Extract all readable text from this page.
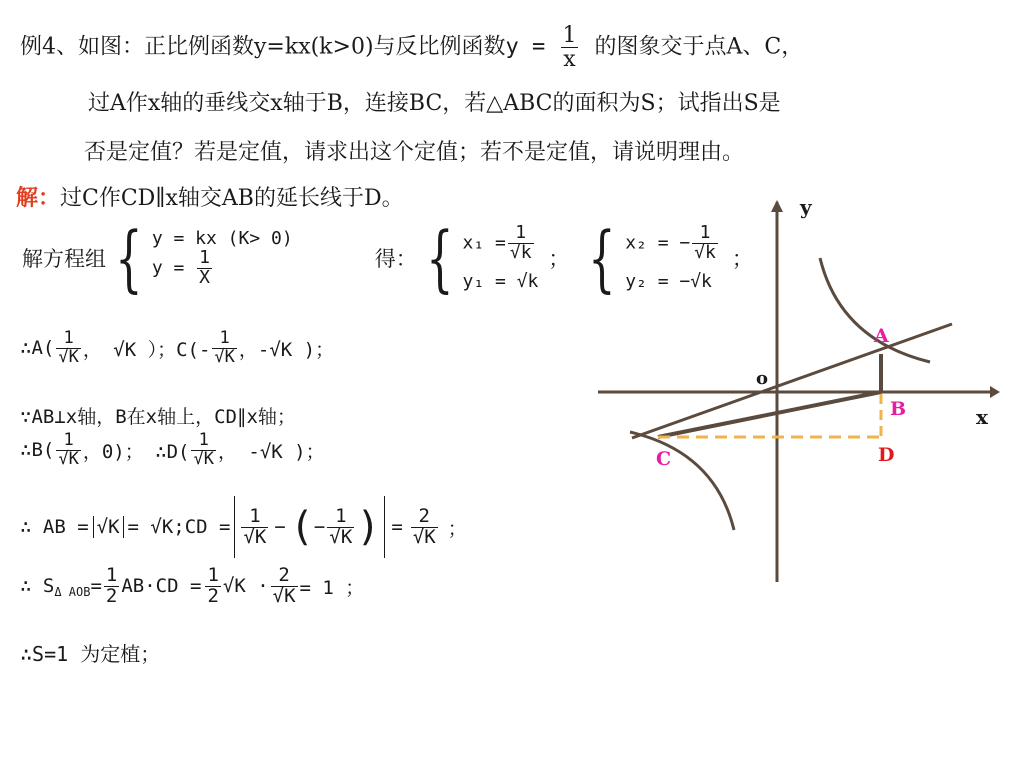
例4、如图：正比例函数y=kx(k>0)与反比例函数$y = \frac{1}{x}$ 的图象交于点A、C，
过A作x轴的垂线交x轴于B，连接BC，若△ABC的面积为S；试指出S是
否是定值？若是定值，请求出这个定值；若不是定值，请说明理由。
解：过C作CD∥x轴交AB的延长线于D。
解方程组 { y = kx (K> 0)
$y = \frac{1}{X}$	得： { $x_1 = \frac{1}{√k}$
y₁ = √k
； { x₂ = − $\frac{1}{√k}$
y₂ = −√k
；
∴A( $\frac{1}{√K}$ ， √K ）；$C(- \frac{1}{√K}$ ，-√K )；
∵AB⊥x轴，B在x轴上，CD∥x轴；
∴B( $\frac{1}{√K}$ ，0)； ∴D( $\frac{1}{√K}$ ， -√K )；
∴ AB = √K = √K;CD = $\frac{1}{√K}$ − ( − $\frac{1}{√K}$ ) = $\frac{2}{√K}$ ；
∴ S Δ AOB = $\frac{1}{2} AB\cdot CD = \frac{1}{2} √K \cdot \frac{2}{√K} = 1$ ；
∴S=1 为定植；
y
x
o
A
B
C	D
